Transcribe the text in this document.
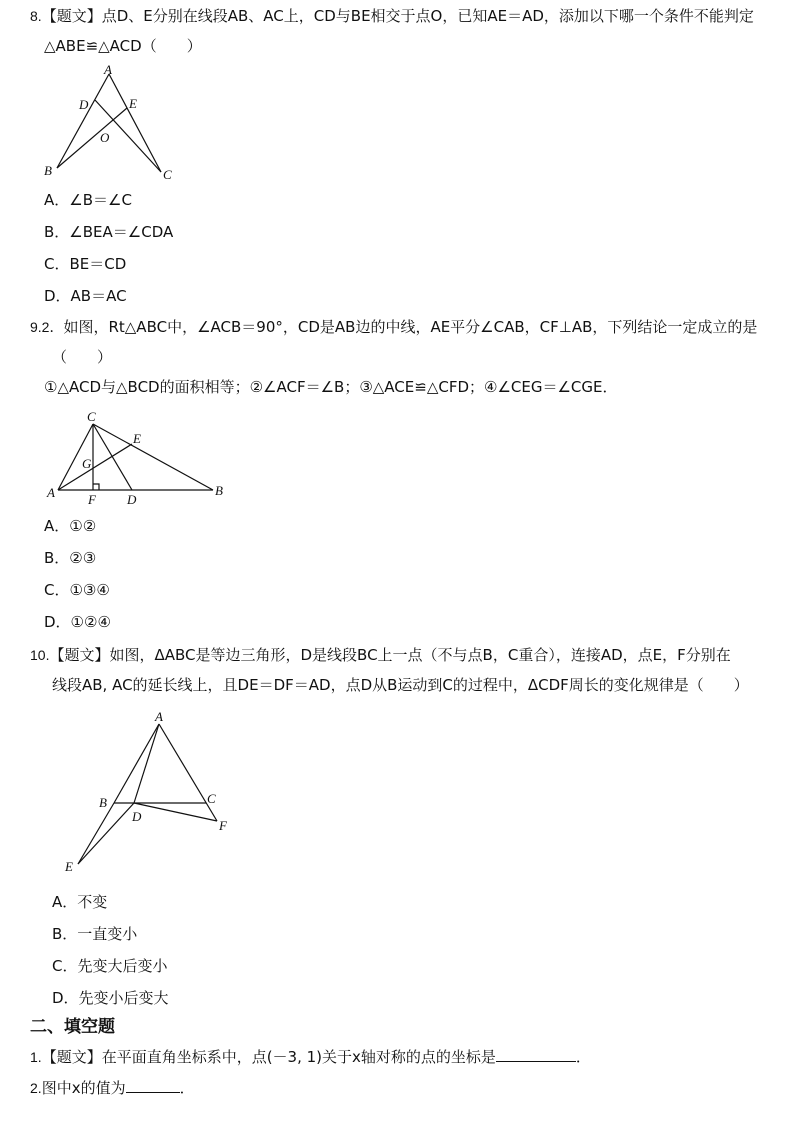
8.【题文】点D、E分别在线段AB、AC上，CD与BE相交于点O，已知AE＝AD，添加以下哪一个条件不能判定
△ABE≌△ACD（　　）
A
D	E
O
B	C
A．∠B＝∠C
B．∠BEA＝∠CDA
C．BE＝CD
D．AB＝AC
9.2．如图，Rt△ABC中，∠ACB＝90°，CD是AB边的中线，AE平分∠CAB，CF⊥AB，下列结论一定成立的是
（　　）
①△ACD与△BCD的面积相等；②∠ACF＝∠B；③△ACE≌△CFD；④∠CEG＝∠CGE．
C
E
G
A	F D
B
A．①②
B．②③
C．①③④
D．①②④
10.【题文】如图，ΔABC是等边三角形，D是线段BC上一点（不与点B，C重合），连接AD，点E，F分别在
线段AB, AC的延长线上，且DE＝DF＝AD，点D从B运动到C的过程中，ΔCDF周长的变化规律是（　　）
A
B	C
D
F
E
A．不变
B．一直变小
C．先变大后变小
D．先变小后变大
二、填空题
1.【题文】在平面直角坐标系中，点(－3, 1)关于x轴对称的点的坐标是	．
2.图中x的值为	．
